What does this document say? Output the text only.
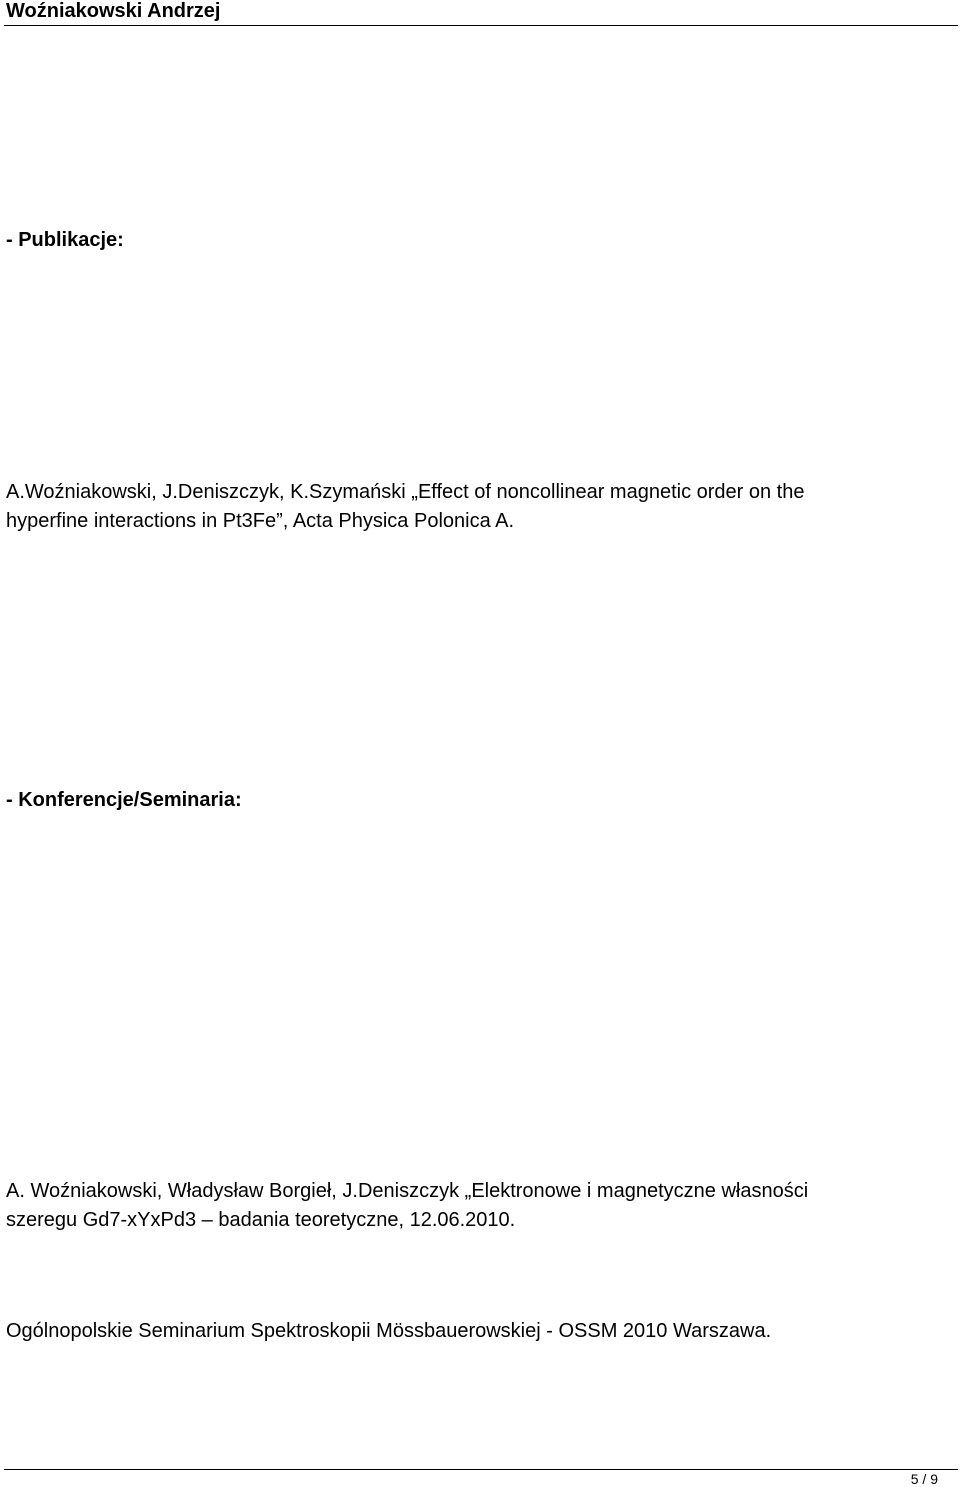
Woźniakowski Andrzej
- Publikacje:
A.Woźniakowski, J.Deniszczyk, K.Szymański „Effect of noncollinear magnetic order on the
hyperfine interactions in Pt3Fe”, Acta Physica Polonica A.
- Konferencje/Seminaria:
A. Woźniakowski, Władysław Borgieł, J.Deniszczyk „Elektronowe i magnetyczne własności
szeregu Gd7-xYxPd3 – badania teoretyczne, 12.06.2010.
Ogólnopolskie Seminarium Spektroskopii Mössbauerowskiej - OSSM 2010 Warszawa.
5 / 9
